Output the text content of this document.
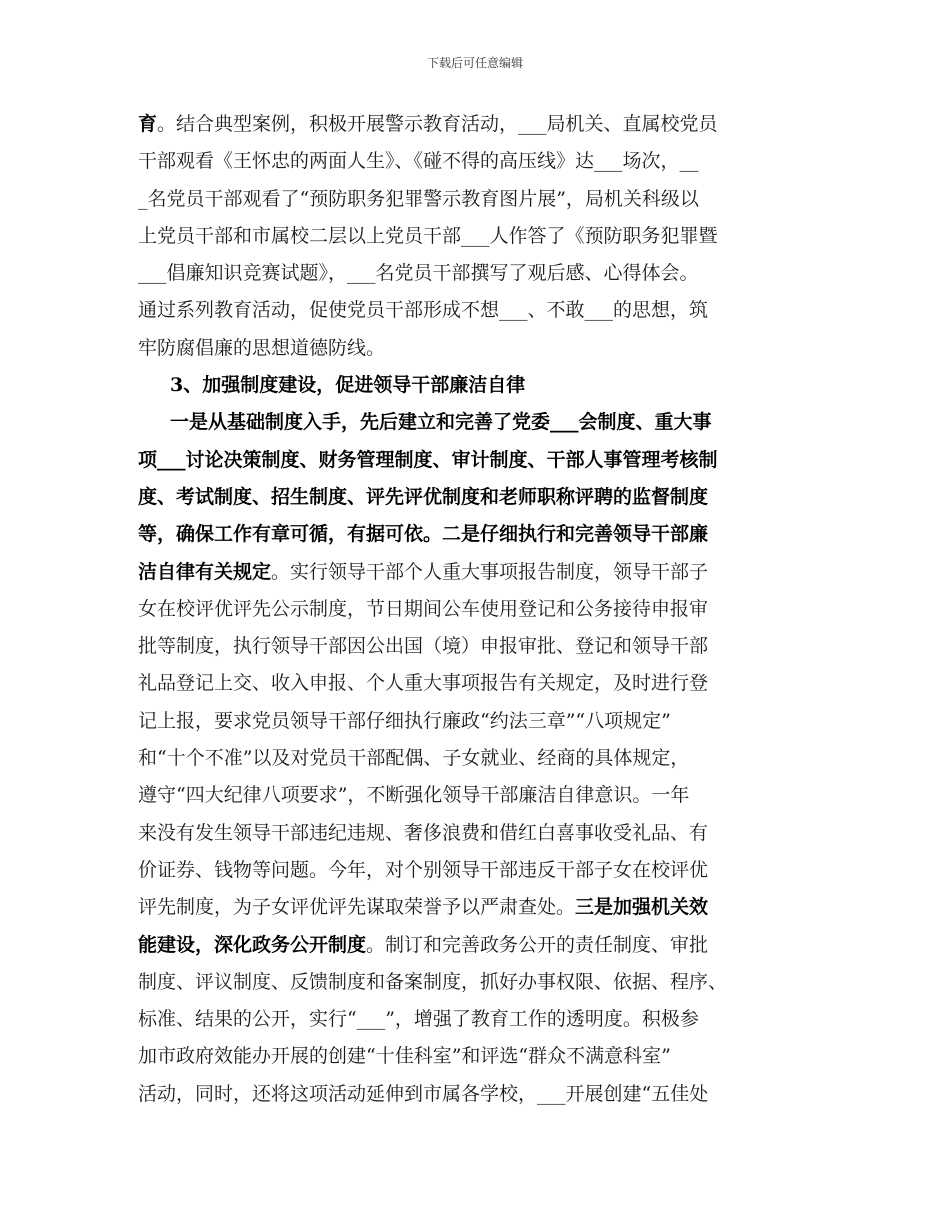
下载后可任意编辑
育。结合典型案例，积极开展警示教育活动，___局机关、直属校党员
干部观看《王怀忠的两面人生》、《碰不得的高压线》达___场次，__
_名党员干部观看了“预防职务犯罪警示教育图片展”，局机关科级以
上党员干部和市属校二层以上党员干部___人作答了《预防职务犯罪暨
___倡廉知识竞赛试题》，___名党员干部撰写了观后感、心得体会。
通过系列教育活动，促使党员干部形成不想___、不敢___的思想，筑
牢防腐倡廉的思想道德防线。
3、加强制度建设，促进领导干部廉洁自律
一是从基础制度入手，先后建立和完善了党委___会制度、重大事
项___讨论决策制度、财务管理制度、审计制度、干部人事管理考核制
度、考试制度、招生制度、评先评优制度和老师职称评聘的监督制度
等，确保工作有章可循，有据可依。二是仔细执行和完善领导干部廉
洁自律有关规定。实行领导干部个人重大事项报告制度，领导干部子
女在校评优评先公示制度，节日期间公车使用登记和公务接待申报审
批等制度，执行领导干部因公出国（境）申报审批、登记和领导干部
礼品登记上交、收入申报、个人重大事项报告有关规定，及时进行登
记上报，要求党员领导干部仔细执行廉政“约法三章”“八项规定”
和“十个不准”以及对党员干部配偶、子女就业、经商的具体规定，
遵守“四大纪律八项要求”，不断强化领导干部廉洁自律意识。一年
来没有发生领导干部违纪违规、奢侈浪费和借红白喜事收受礼品、有
价证券、钱物等问题。今年，对个别领导干部违反干部子女在校评优
评先制度，为子女评优评先谋取荣誉予以严肃查处。三是加强机关效
能建设，深化政务公开制度。制订和完善政务公开的责任制度、审批
制度、评议制度、反馈制度和备案制度，抓好办事权限、依据、程序、
标准、结果的公开，实行“___”，增强了教育工作的透明度。积极参
加市政府效能办开展的创建“十佳科室”和评选“群众不满意科室”
活动，同时，还将这项活动延伸到市属各学校，___开展创建“五佳处
